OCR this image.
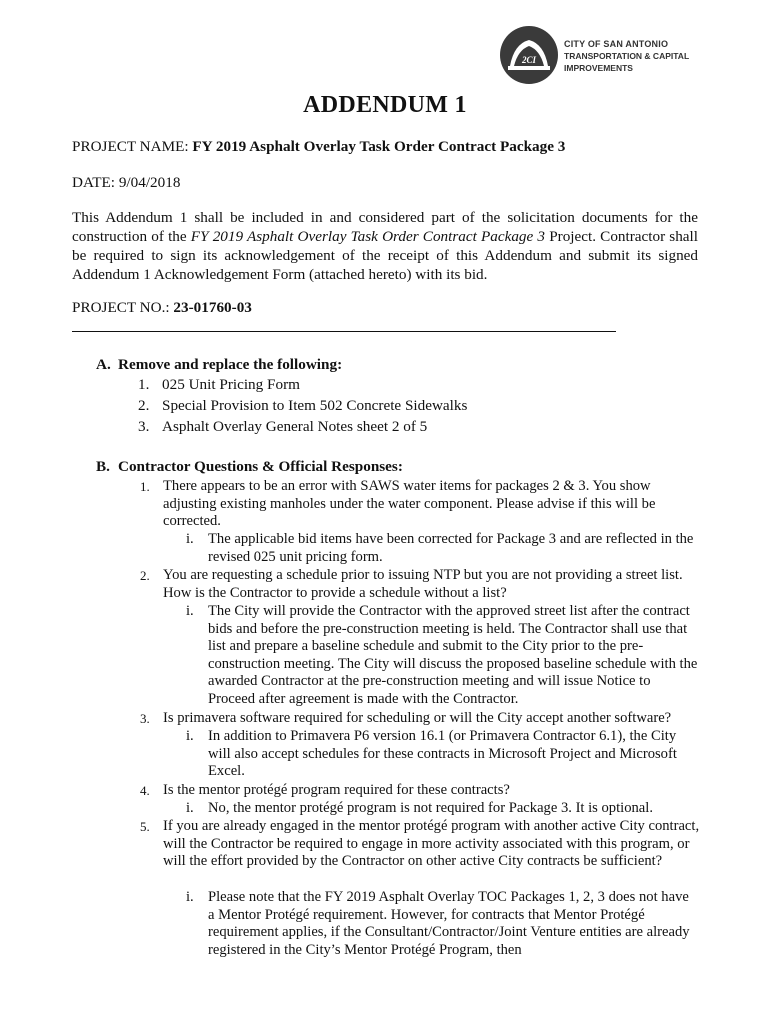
2CI
CITY OF SAN ANTONIO
TRANSPORTATION & CAPITAL IMPROVEMENTS
ADDENDUM 1
PROJECT NAME: FY 2019 Asphalt Overlay Task Order Contract Package 3
DATE: 9/04/2018
This Addendum 1 shall be included in and considered part of the solicitation documents for the construction of the FY 2019 Asphalt Overlay Task Order Contract Package 3 Project. Contractor shall be required to sign its acknowledgement of the receipt of this Addendum and submit its signed Addendum 1 Acknowledgement Form (attached hereto) with its bid.
PROJECT NO.: 23-01760-03
A. Remove and replace the following:
1. 025 Unit Pricing Form
2. Special Provision to Item 502 Concrete Sidewalks
3. Asphalt Overlay General Notes sheet 2 of 5
B. Contractor Questions & Official Responses:
1. There appears to be an error with SAWS water items for packages 2 & 3. You show adjusting existing manholes under the water component. Please advise if this will be corrected.
i. The applicable bid items have been corrected for Package 3 and are reflected in the revised 025 unit pricing form.
2. You are requesting a schedule prior to issuing NTP but you are not providing a street list. How is the Contractor to provide a schedule without a list?
i. The City will provide the Contractor with the approved street list after the contract bids and before the pre-construction meeting is held. The Contractor shall use that list and prepare a baseline schedule and submit to the City prior to the pre-construction meeting. The City will discuss the proposed baseline schedule with the awarded Contractor at the pre-construction meeting and will issue Notice to Proceed after agreement is made with the Contractor.
3. Is primavera software required for scheduling or will the City accept another software?
i. In addition to Primavera P6 version 16.1 (or Primavera Contractor 6.1), the City will also accept schedules for these contracts in Microsoft Project and Microsoft Excel.
4. Is the mentor protégé program required for these contracts?
i. No, the mentor protégé program is not required for Package 3. It is optional.
5. If you are already engaged in the mentor protégé program with another active City contract, will the Contractor be required to engage in more activity associated with this program, or will the effort provided by the Contractor on other active City contracts be sufficient?
i. Please note that the FY 2019 Asphalt Overlay TOC Packages 1, 2, 3 does not have a Mentor Protégé requirement. However, for contracts that Mentor Protégé requirement applies, if the Consultant/Contractor/Joint Venture entities are already registered in the City’s Mentor Protégé Program, then
